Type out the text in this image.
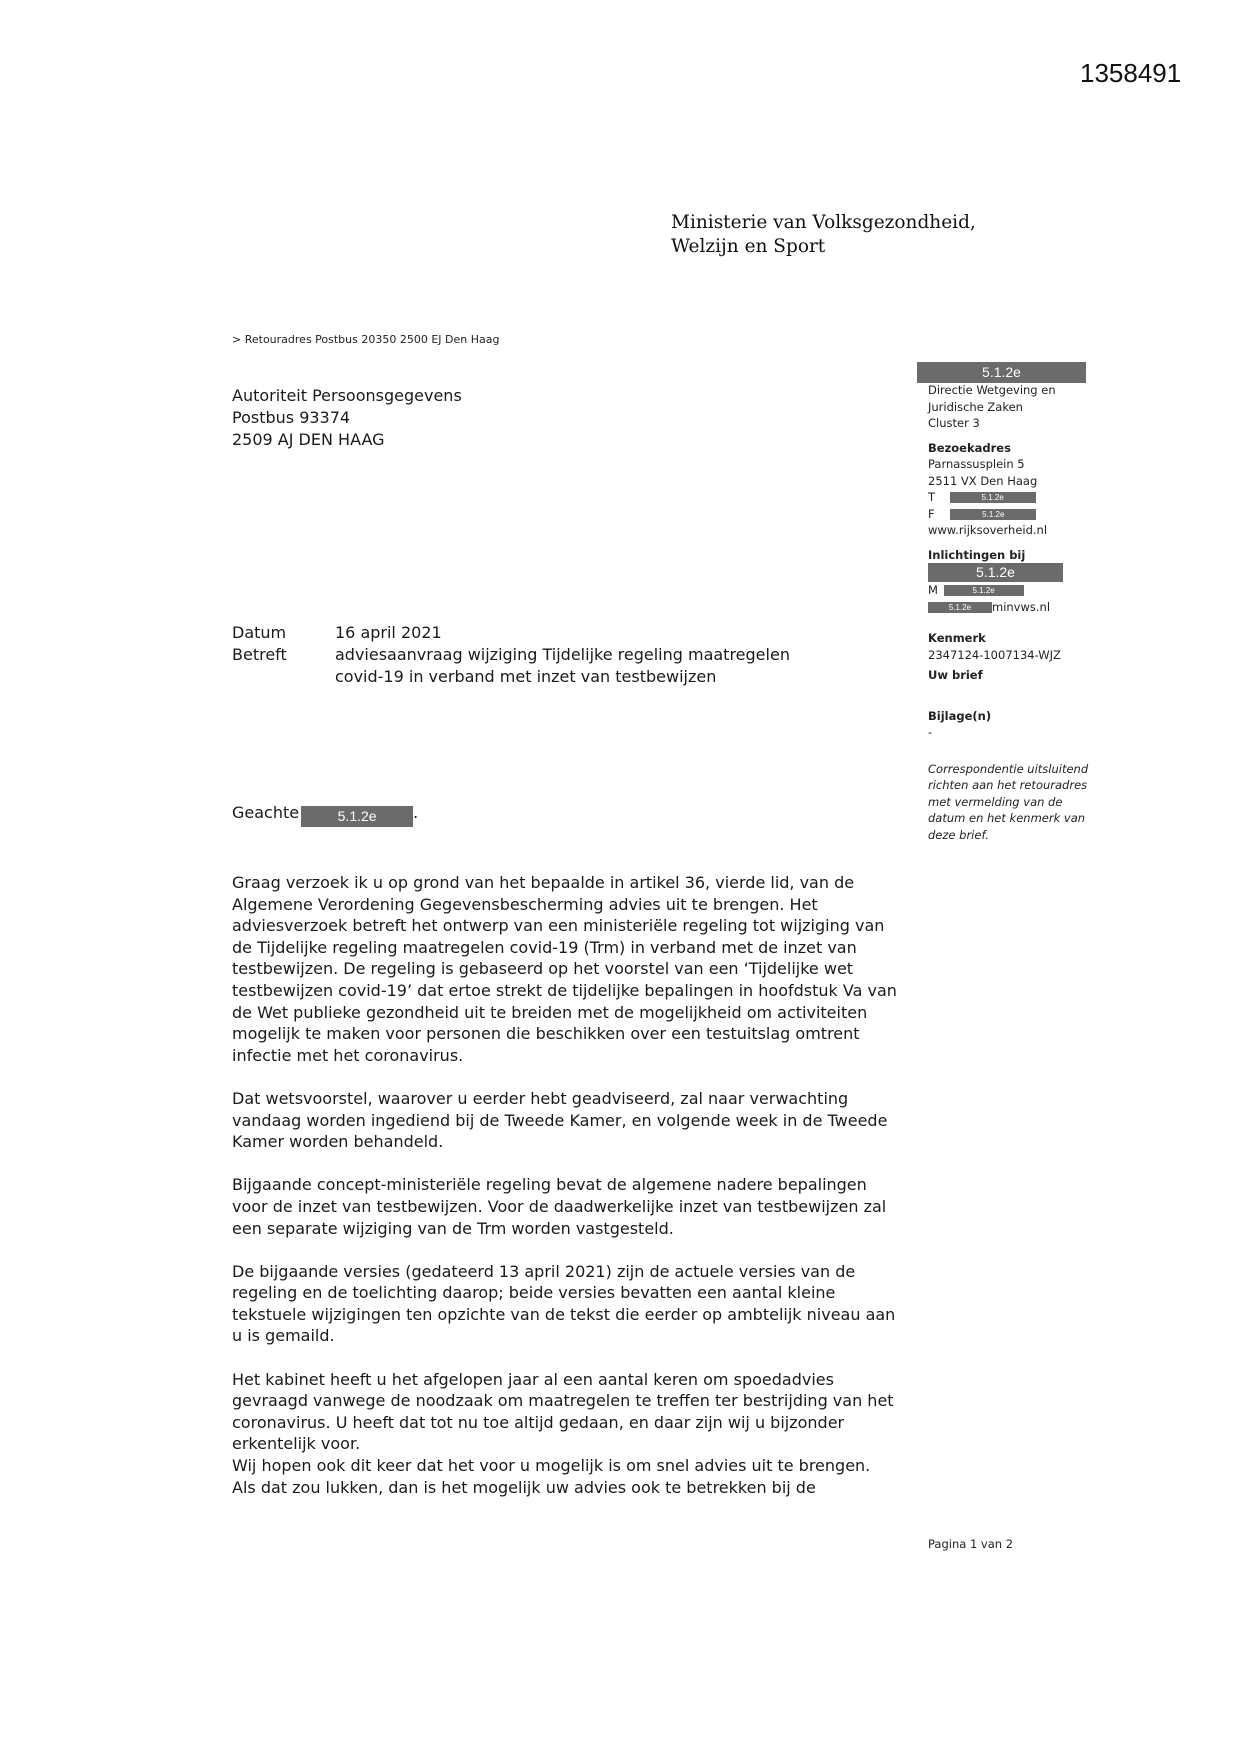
1358491
Ministerie van Volksgezondheid,
Welzijn en Sport
> Retouradres Postbus 20350 2500 EJ Den Haag
Autoriteit Persoonsgegevens
Postbus 93374
2509 AJ DEN HAAG
5.1.2e
Directie Wetgeving en
Juridische Zaken
Cluster 3
Bezoekadres
Parnassusplein 5
2511 VX Den Haag
T	5.1.2e
F	5.1.2e
www.rijksoverheid.nl
Inlichtingen bij
5.1.2e
M	5.1.2e
5.1.2e minvws.nl
Kenmerk
2347124-1007134-WJZ
Uw brief
Bijlage(n)
-
Correspondentie uitsluitend
richten aan het retouradres
met vermelding van de
datum en het kenmerk van
deze brief.
Datum	16 april 2021
Betreft	adviesaanvraag wijziging Tijdelijke regeling maatregelen
covid-19 in verband met inzet van testbewijzen
Geachte	5.1.2e .

Graag verzoek ik u op grond van het bepaalde in artikel 36, vierde lid, van de
Algemene Verordening Gegevensbescherming advies uit te brengen. Het
adviesverzoek betreft het ontwerp van een ministeriële regeling tot wijziging van
de Tijdelijke regeling maatregelen covid-19 (Trm) in verband met de inzet van
testbewijzen. De regeling is gebaseerd op het voorstel van een ‘Tijdelijke wet
testbewijzen covid-19’ dat ertoe strekt de tijdelijke bepalingen in hoofdstuk Va van
de Wet publieke gezondheid uit te breiden met de mogelijkheid om activiteiten
mogelijk te maken voor personen die beschikken over een testuitslag omtrent
infectie met het coronavirus.

Dat wetsvoorstel, waarover u eerder hebt geadviseerd, zal naar verwachting
vandaag worden ingediend bij de Tweede Kamer, en volgende week in de Tweede
Kamer worden behandeld.

Bijgaande concept-ministeriële regeling bevat de algemene nadere bepalingen
voor de inzet van testbewijzen. Voor de daadwerkelijke inzet van testbewijzen zal
een separate wijziging van de Trm worden vastgesteld.

De bijgaande versies (gedateerd 13 april 2021) zijn de actuele versies van de
regeling en de toelichting daarop; beide versies bevatten een aantal kleine
tekstuele wijzigingen ten opzichte van de tekst die eerder op ambtelijk niveau aan
u is gemaild.

Het kabinet heeft u het afgelopen jaar al een aantal keren om spoedadvies
gevraagd vanwege de noodzaak om maatregelen te treffen ter bestrijding van het
coronavirus. U heeft dat tot nu toe altijd gedaan, en daar zijn wij u bijzonder
erkentelijk voor.

Wij hopen ook dit keer dat het voor u mogelijk is om snel advies uit te brengen.
Als dat zou lukken, dan is het mogelijk uw advies ook te betrekken bij de

Pagina 1 van 2
